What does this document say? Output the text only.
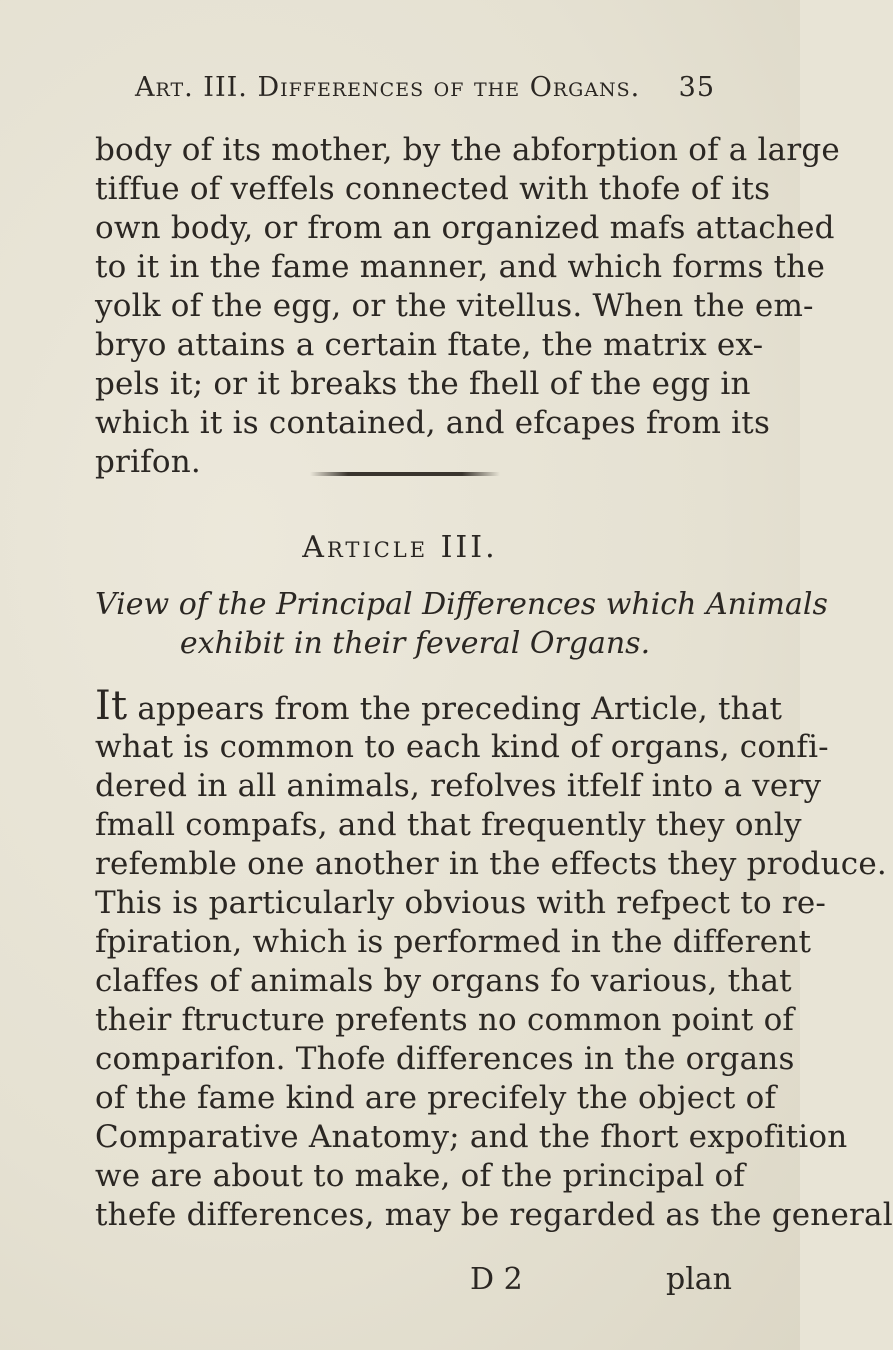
Art. III. Differences of the Organs. 35
body of its mother, by the abforption of a large
tiffue of veffels connected with thofe of its
own body, or from an organized mafs attached
to it in the fame manner, and which forms the
yolk of the egg, or the vitellus. When the em-
bryo attains a certain ftate, the matrix ex-
pels it; or it breaks the fhell of the egg in
which it is contained, and efcapes from its
prifon.
Article III.
View of the Principal Differences which Animals
exhibit in their feveral Organs.
It appears from the preceding Article, that
what is common to each kind of organs, confi-
dered in all animals, refolves itfelf into a very
fmall compafs, and that frequently they only
refemble one another in the effects they produce.
This is particularly obvious with refpect to re-
fpiration, which is performed in the different
claffes of animals by organs fo various, that
their ftructure prefents no common point of
comparifon. Thofe differences in the organs
of the fame kind are precifely the object of
Comparative Anatomy; and the fhort expofition
we are about to make, of the principal of
thefe differences, may be regarded as the general
D 2	plan
